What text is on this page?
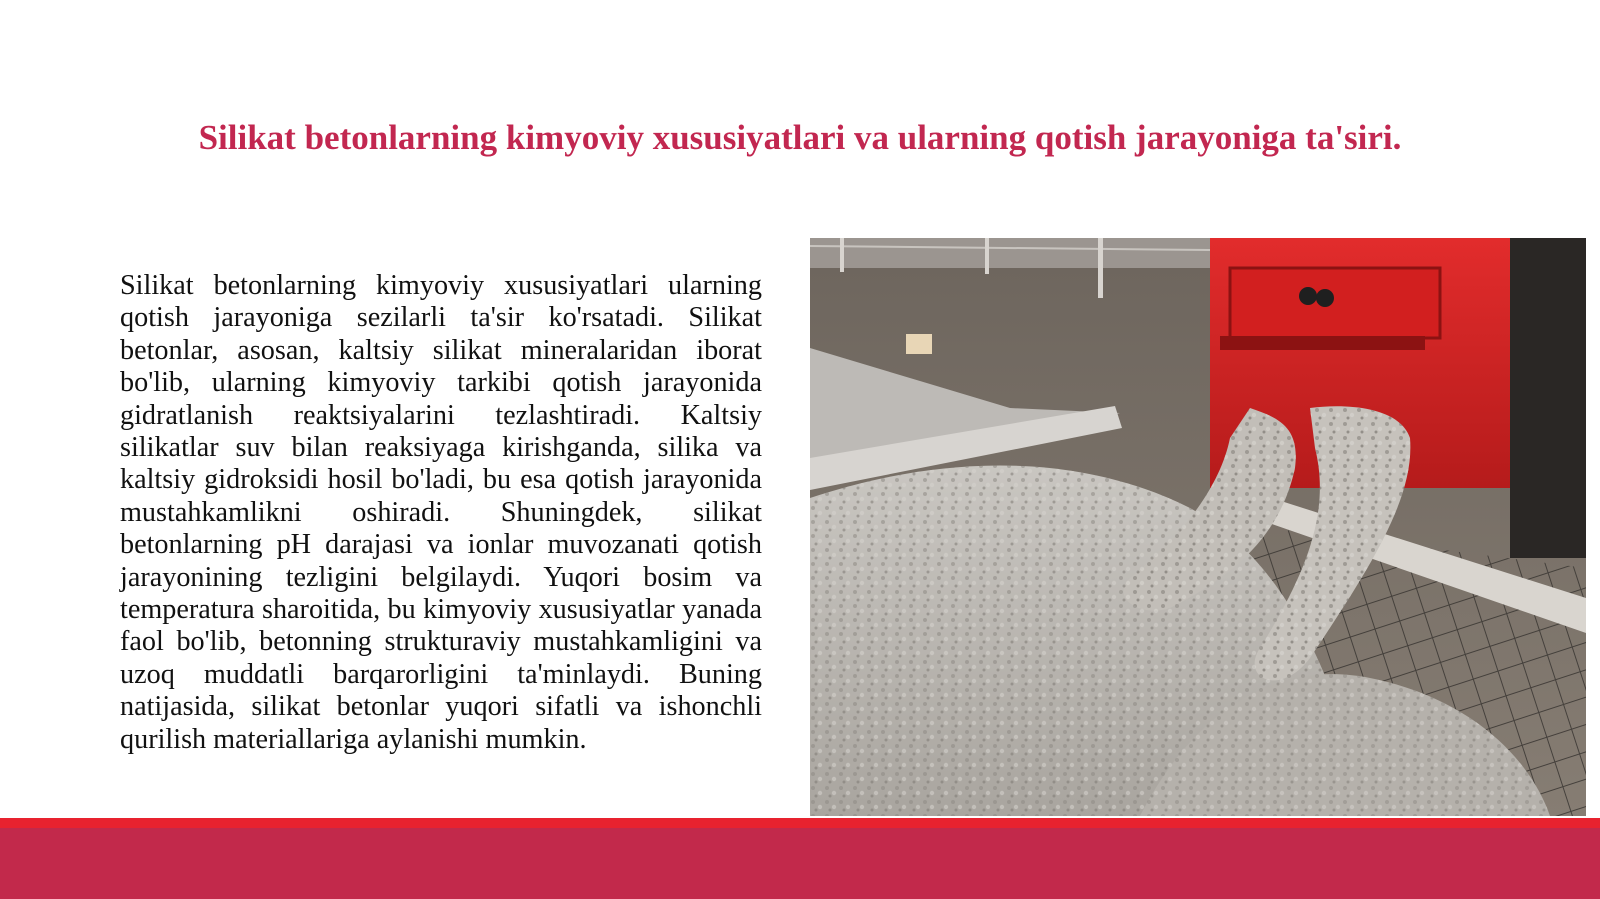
Silikat betonlarning kimyoviy xususiyatlari va ularning qotish jarayoniga ta'siri.

Silikat betonlarning kimyoviy xususiyatlari ularning qotish jarayoniga sezilarli ta'sir ko'rsatadi. Silikat betonlar, asosan, kaltsiy silikat mineralaridan iborat bo'lib, ularning kimyoviy tarkibi qotish jarayonida gidratlanish reaktsiyalarini tezlashtiradi. Kaltsiy silikatlar suv bilan reaksiyaga kirishganda, silika va kaltsiy gidroksidi hosil bo'ladi, bu esa qotish jarayonida mustahkamlikni oshiradi. Shuningdek, silikat betonlarning pH darajasi va ionlar muvozanati qotish jarayonining tezligini belgilaydi. Yuqori bosim va temperatura sharoitida, bu kimyoviy xususiyatlar yanada faol bo'lib, betonning strukturaviy mustahkamligini va uzoq muddatli barqarorligini ta'minlaydi. Buning natijasida, silikat betonlar yuqori sifatli va ishonchli qurilish materiallariga aylanishi mumkin.
